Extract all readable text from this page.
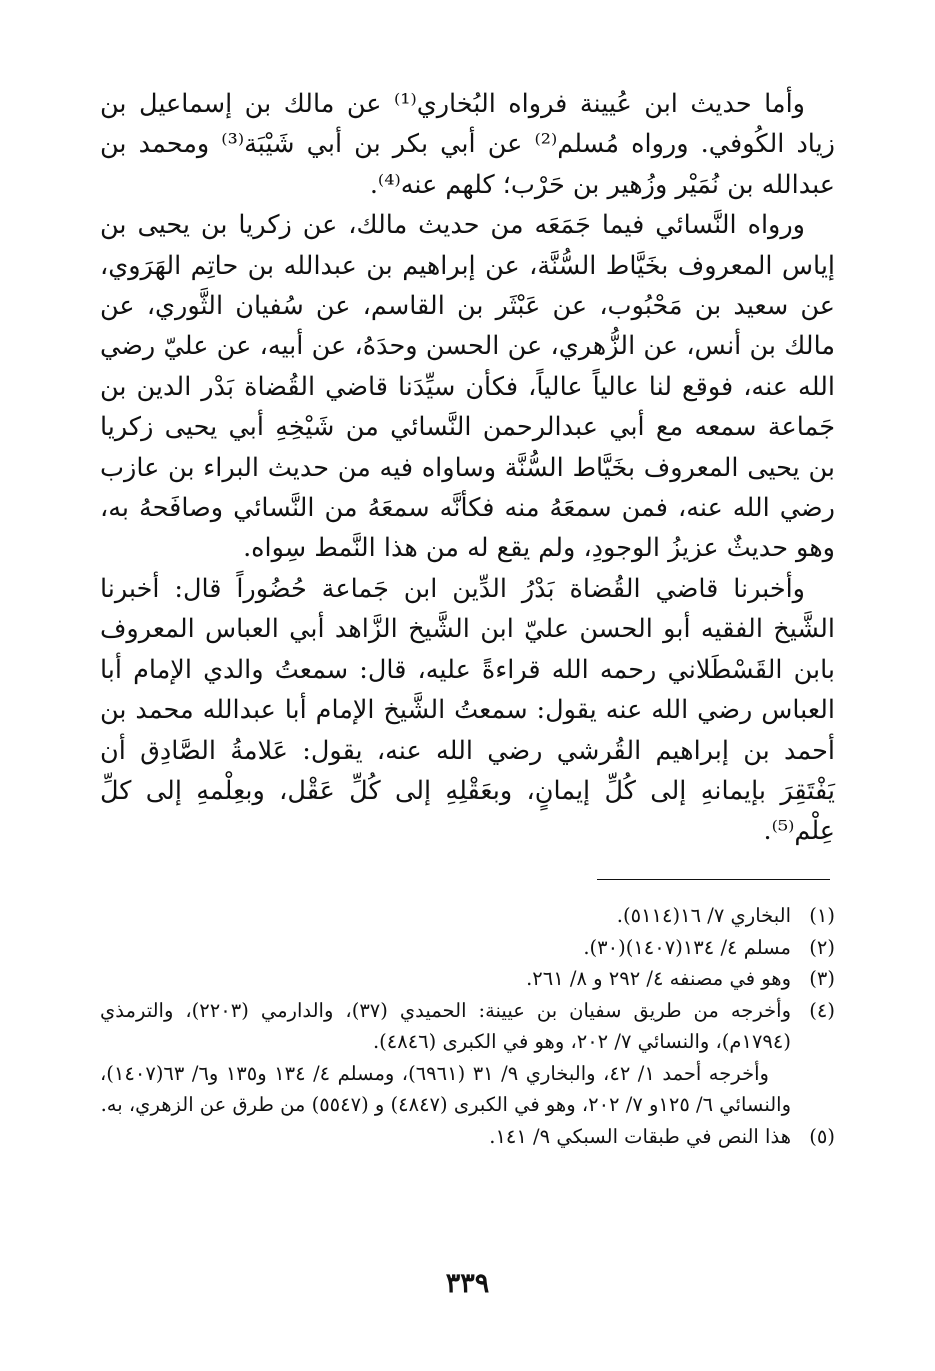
وأما حديث ابن عُيينة فرواه البُخاري⁽¹⁾ عن مالك بن إسماعيل بن زياد الكُوفي. ورواه مُسلم⁽²⁾ عن أبي بكر بن أبي شَيْبَة⁽³⁾ ومحمد بن عبدالله بن نُمَيْر وزُهير بن حَرْب؛ كلهم عنه⁽⁴⁾.

ورواه النَّسائي فيما جَمَعَه من حديث مالك، عن زكريا بن يحيى بن إياس المعروف بخَيَّاط السُّنَّة، عن إبراهيم بن عبدالله بن حاتِم الهَرَوي، عن سعيد بن مَحْبُوب، عن عَبْثَر بن القاسم، عن سُفيان الثَّوري، عن مالك بن أنس، عن الزُّهري، عن الحسن وحدَهُ، عن أبيه، عن عليّ رضي الله عنه، فوقع لنا عالياً عالياً، فكأن سيِّدَنا قاضي القُضاة بَدْر الدين بن جَماعة سمعه مع أبي عبدالرحمن النَّسائي من شَيْخِهِ أبي يحيى زكريا بن يحيى المعروف بخَيَّاط السُّنَّة وساواه فيه من حديث البراء بن عازب رضي الله عنه، فمن سمعَهُ منه فكأنَّه سمعَهُ من النَّسائي وصافَحهُ به، وهو حديثٌ عزيزُ الوجودِ، ولم يقع له من هذا النَّمط سِواه.

وأخبرنا قاضي القُضاة بَدْرُ الدِّين ابن جَماعة حُضُوراً قال: أخبرنا الشَّيخ الفقيه أبو الحسن عليّ ابن الشَّيخ الزَّاهد أبي العباس المعروف بابن القَسْطَلاني رحمه الله قراءةً عليه، قال: سمعتُ والدي الإمام أبا العباس رضي الله عنه يقول: سمعتُ الشَّيخ الإمام أبا عبدالله محمد بن أحمد بن إبراهيم القُرشي رضي الله عنه، يقول: عَلامةُ الصَّادِق أن يَفْتَقِرَ بإيمانهِ إلى كُلِّ إيمانٍ، وبعَقْلِهِ إلى كُلِّ عَقْل، وبعِلْمهِ إلى كلِّ عِلْم⁽⁵⁾.

(١)
البخاري ٧/ ١٦(٥١١٤).
(٢)
مسلم ٤/ ١٣٤(١٤٠٧)(٣٠).
(٣)
وهو في مصنفه ٤/ ٢٩٢ و ٨/ ٢٦١.
(٤)
وأخرجه من طريق سفيان بن عيينة: الحميدي (٣٧)، والدارمي (٢٢٠٣)، والترمذي (١٧٩٤م)، والنسائي ٧/ ٢٠٢، وهو في الكبرى (٤٨٤٦).
وأخرجه أحمد ١/ ٤٢، والبخاري ٩/ ٣١ (٦٩٦١)، ومسلم ٤/ ١٣٤ و١٣٥ و٦/ ٦٣(١٤٠٧)، والنسائي ٦/ ١٢٥و ٧/ ٢٠٢، وهو في الكبرى (٤٨٤٧) و (٥٥٤٧) من طرق عن الزهري، به.
(٥)
هذا النص في طبقات السبكي ٩/ ١٤١.
٣٣٩
